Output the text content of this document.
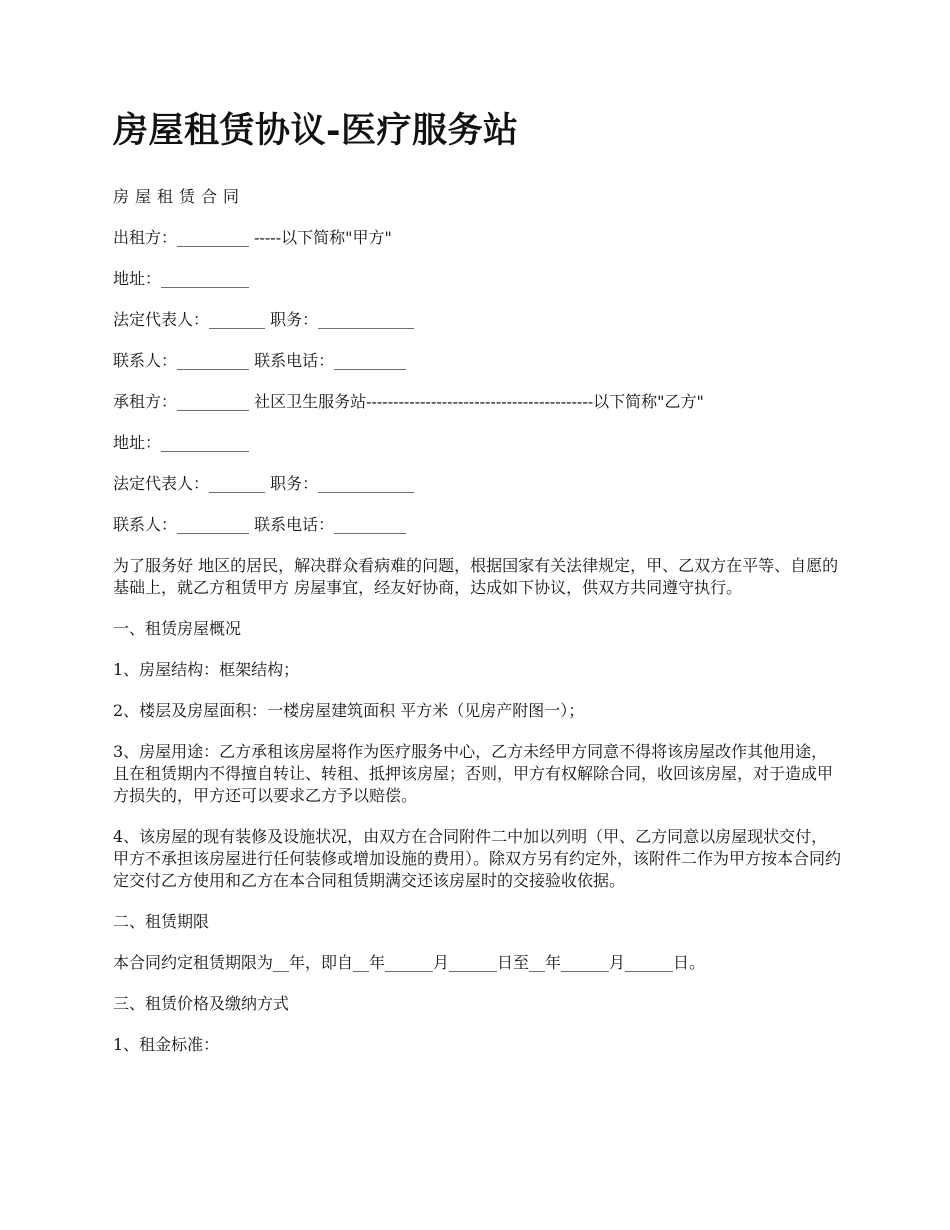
房屋租赁协议-医疗服务站

房屋租赁合同

出租方：_________ -----以下简称"甲方"

地址：___________

法定代表人：_______ 职务：____________

联系人：_________ 联系电话：_________

承租方：_________ 社区卫生服务站------------------------------------------以下简称"乙方"

地址：___________

法定代表人：_______ 职务：____________

联系人：_________ 联系电话：_________

为了服务好 地区的居民，解决群众看病难的问题，根据国家有关法律规定，甲、乙双方在平等、自愿的基础上，就乙方租赁甲方 房屋事宜，经友好协商，达成如下协议，供双方共同遵守执行。

一、租赁房屋概况

1、房屋结构：框架结构；

2、楼层及房屋面积：一楼房屋建筑面积 平方米（见房产附图一）；

3、房屋用途：乙方承租该房屋将作为医疗服务中心，乙方未经甲方同意不得将该房屋改作其他用途，且在租赁期内不得擅自转让、转租、抵押该房屋；否则，甲方有权解除合同，收回该房屋，对于造成甲方损失的，甲方还可以要求乙方予以赔偿。

4、该房屋的现有装修及设施状况，由双方在合同附件二中加以列明（甲、乙方同意以房屋现状交付，甲方不承担该房屋进行任何装修或增加设施的费用）。除双方另有约定外，该附件二作为甲方按本合同约定交付乙方使用和乙方在本合同租赁期满交还该房屋时的交接验收依据。

二、租赁期限

本合同约定租赁期限为__年，即自__年______月______日至__年______月______日。

三、租赁价格及缴纳方式

1、租金标准：
